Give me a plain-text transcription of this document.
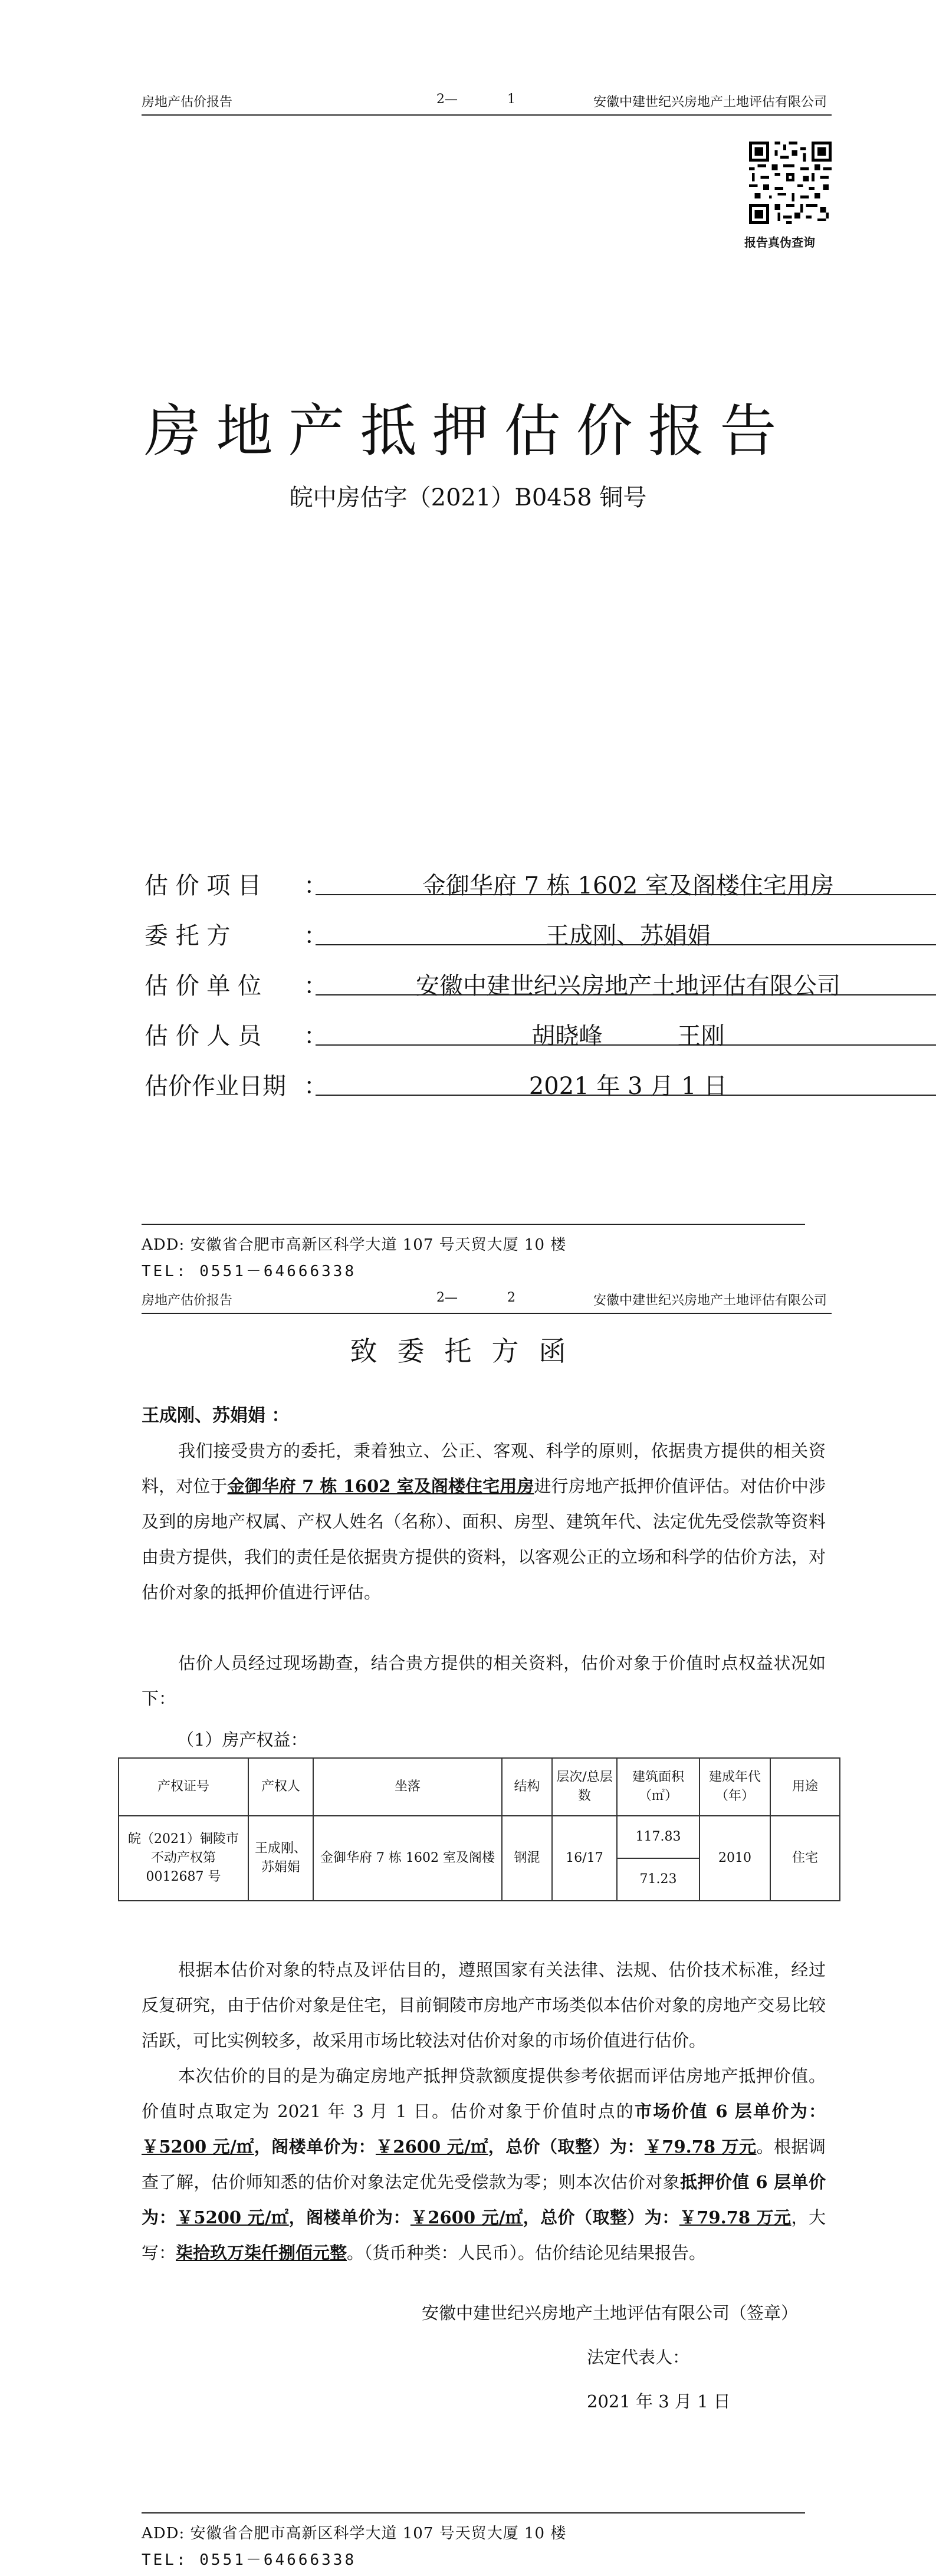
房地产估价报告	2—	1	安徽中建世纪兴房地产土地评估有限公司
报告真伪查询
房地产抵押估价报告
皖中房估字（2021）B0458 铜号
估 价 项 目	：	金御华府 7 栋 1602 室及阁楼住宅用房
委 托 方	：	王成刚、苏娟娟
估 价 单 位	：	安徽中建世纪兴房地产土地评估有限公司
估 价 人 员	：	胡晓峰          王刚
估价作业日期 ：	2021 年 3 月 1 日
ADD: 安徽省合肥市高新区科学大道 107 号天贸大厦 10 楼
TEL: 0551－64666338
房地产估价报告	2—	2	安徽中建世纪兴房地产土地评估有限公司
致委托方函
王成刚、苏娟娟 ：
我们接受贵方的委托，秉着独立、公正、客观、科学的原则，依据贵方提供的相关资料，对位于金御华府 7 栋 1602 室及阁楼住宅用房进行房地产抵押价值评估。对估价中涉及到的房地产权属、产权人姓名（名称）、面积、房型、建筑年代、法定优先受偿款等资料由贵方提供，我们的责任是依据贵方提供的资料，以客观公正的立场和科学的估价方法，对估价对象的抵押价值进行评估。
估价人员经过现场勘查，结合贵方提供的相关资料，估价对象于价值时点权益状况如下：
（1）房产权益：
产权证号	产权人	坐落	结构	层次/总层数	建筑面积（㎡）	建成年代（年）	用途
皖（2021）铜陵市不动产权第 0012687 号	王成刚、苏娟娟	金御华府 7 栋 1602 室及阁楼	钢混	16/17	117.83	2010	住宅
					71.23		
根据本估价对象的特点及评估目的，遵照国家有关法律、法规、估价技术标准，经过反复研究，由于估价对象是住宅，目前铜陵市房地产市场类似本估价对象的房地产交易比较活跃，可比实例较多，故采用市场比较法对估价对象的市场价值进行估价。
本次估价的目的是为确定房地产抵押贷款额度提供参考依据而评估房地产抵押价值。价值时点取定为 2021 年 3 月 1 日。估价对象于价值时点的市场价值 6 层单价为：￥5200 元/㎡，阁楼单价为：￥2600 元/㎡，总价（取整）为：￥79.78 万元。根据调查了解，估价师知悉的估价对象法定优先受偿款为零；则本次估价对象抵押价值 6 层单价为：￥5200 元/㎡，阁楼单价为：￥2600 元/㎡，总价（取整）为：￥79.78 万元，大写：柒拾玖万柒仟捌佰元整。（货币种类：人民币）。估价结论见结果报告。
安徽中建世纪兴房地产土地评估有限公司（签章）
法定代表人：
2021 年 3 月 1 日
ADD: 安徽省合肥市高新区科学大道 107 号天贸大厦 10 楼
TEL: 0551－64666338
